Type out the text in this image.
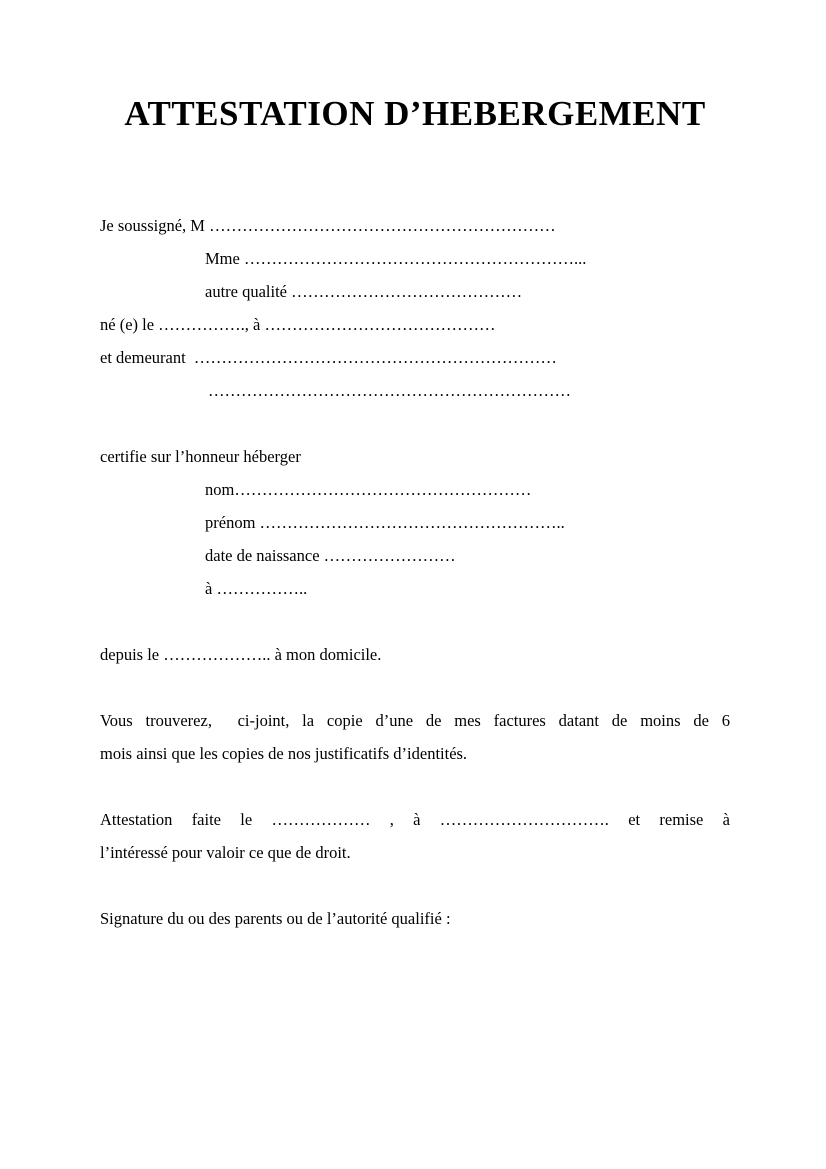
ATTESTATION D’HEBERGEMENT
Je soussigné, M ………………………………………………………
Mme ……………………………………………………...
autre qualité ……………………………………
né (e) le ……………., à ……………………………………
et demeurant  …………………………………………………………
…………………………………………………………
certifie sur l’honneur héberger
nom………………………………………………
prénom ………………………………………………..
date de naissance ……………………
à ……………..
depuis le ……………….. à mon domicile.
Vous trouverez,  ci-joint, la copie d’une de mes factures datant de moins de 6
mois ainsi que les copies de nos justificatifs d’identités.
Attestation faite le ……………… , à …………………………. et remise à
l’intéressé pour valoir ce que de droit.
Signature du ou des parents ou de l’autorité qualifié :
